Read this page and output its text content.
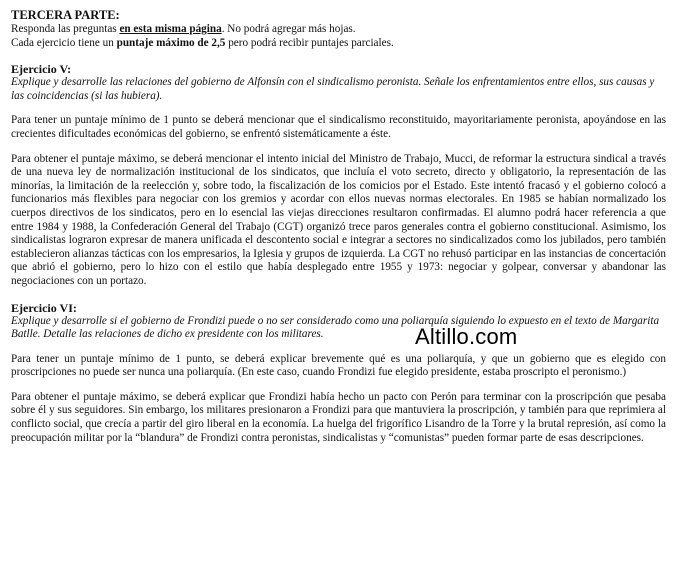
TERCERA PARTE:
Responda las preguntas en esta misma página. No podrá agregar más hojas.
Cada ejercicio tiene un puntaje máximo de 2,5 pero podrá recibir puntajes parciales.
Ejercicio V:
Explique y desarrolle las relaciones del gobierno de Alfonsín con el sindicalismo peronista. Señale los enfrentamientos entre ellos, sus causas y las coincidencias (si las hubiera).

Para tener un puntaje mínimo de 1 punto se deberá mencionar que el sindicalismo reconstituido, mayoritariamente peronista, apoyándose en las crecientes dificultades económicas del gobierno, se enfrentó sistemáticamente a éste.

Para obtener el puntaje máximo, se deberá mencionar el intento inicial del Ministro de Trabajo, Mucci, de reformar la estructura sindical a través de una nueva ley de normalización institucional de los sindicatos, que incluía el voto secreto, directo y obligatorio, la representación de las minorías, la limitación de la reelección y, sobre todo, la fiscalización de los comicios por el Estado. Este intentó fracasó y el gobierno colocó a funcionarios más flexibles para negociar con los gremios y acordar con ellos nuevas normas electorales. En 1985 se habían normalizado los cuerpos directivos de los sindicatos, pero en lo esencial las viejas direcciones resultaron confirmadas. El alumno podrá hacer referencia a que entre 1984 y 1988, la Confederación General del Trabajo (CGT) organizó trece paros generales contra el gobierno constitucional. Asimismo, los sindicalistas lograron expresar de manera unificada el descontento social e integrar a sectores no sindicalizados como los jubilados, pero también establecieron alianzas tácticas con los empresarios, la Iglesia y grupos de izquierda. La CGT no rehusó participar en las instancias de concertación que abrió el gobierno, pero lo hizo con el estilo que había desplegado entre 1955 y 1973: negociar y golpear, conversar y abandonar las negociaciones con un portazo.

Ejercicio VI:
Explique y desarrolle si el gobierno de Frondizi puede o no ser considerado como una poliarquía siguiendo lo expuesto en el texto de Margarita Batlle. Detalle las relaciones de dicho ex presidente con los militares.

Para tener un puntaje mínimo de 1 punto, se deberá explicar brevemente qué es una poliarquía, y que un gobierno que es elegido con proscripciones no puede ser nunca una poliarquía. (En este caso, cuando Frondizi fue elegido presidente, estaba proscripto el peronismo.)

Para obtener el puntaje máximo, se deberá explicar que Frondizi había hecho un pacto con Perón para terminar con la proscripción que pesaba sobre él y sus seguidores. Sin embargo, los militares presionaron a Frondizi para que mantuviera la proscripción, y también para que reprimiera al conflicto social, que crecía a partir del giro liberal en la economía. La huelga del frigorífico Lisandro de la Torre y la brutal represión, así como la preocupación militar por la “blandura” de Frondizi contra peronistas, sindicalistas y “comunistas” pueden formar parte de esas descripciones.

Altillo.com
